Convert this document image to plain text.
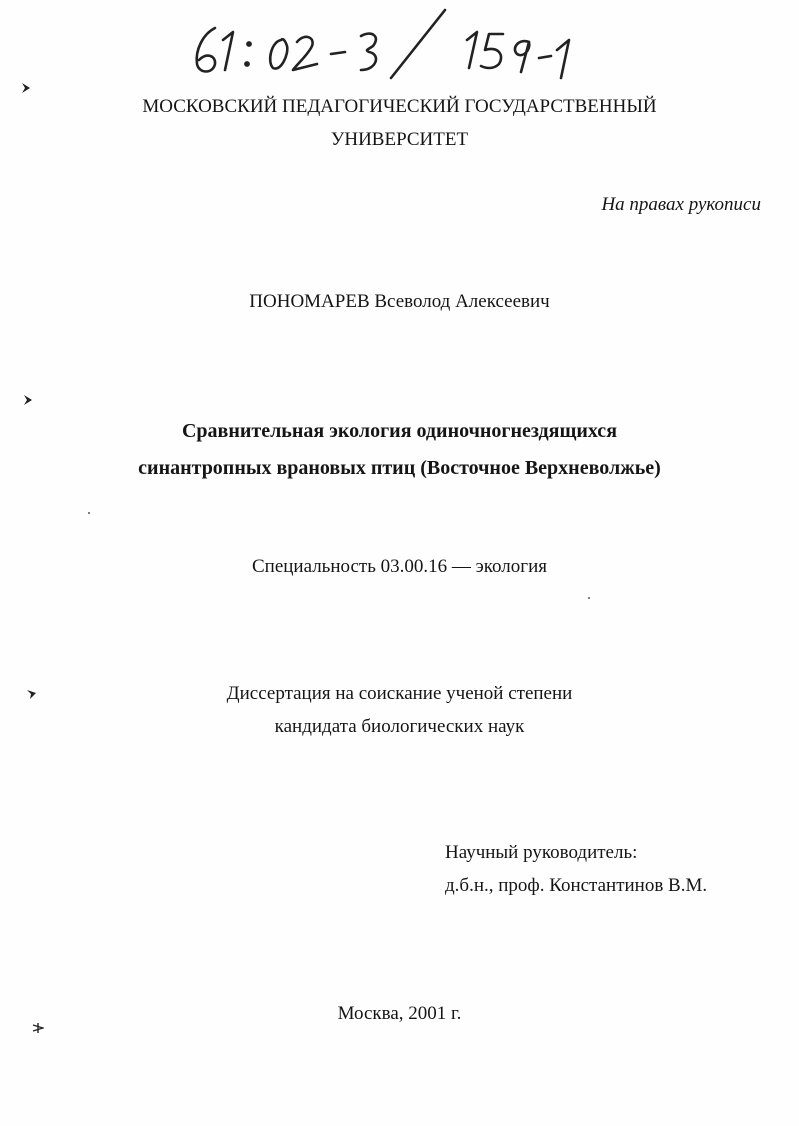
МОСКОВСКИЙ ПЕДАГОГИЧЕСКИЙ ГОСУДАРСТВЕННЫЙ
УНИВЕРСИТЕТ
На правах рукописи
ПОНОМАРЕВ Всеволод Алексеевич
Сравнительная экология одиночногнездящихся
синантропных врановых птиц (Восточное Верхневолжье)
Специальность 03.00.16 — экология
Диссертация на соискание ученой степени
кандидата биологических наук
Научный руководитель:
д.б.н., проф. Константинов В.М.
Москва, 2001 г.
